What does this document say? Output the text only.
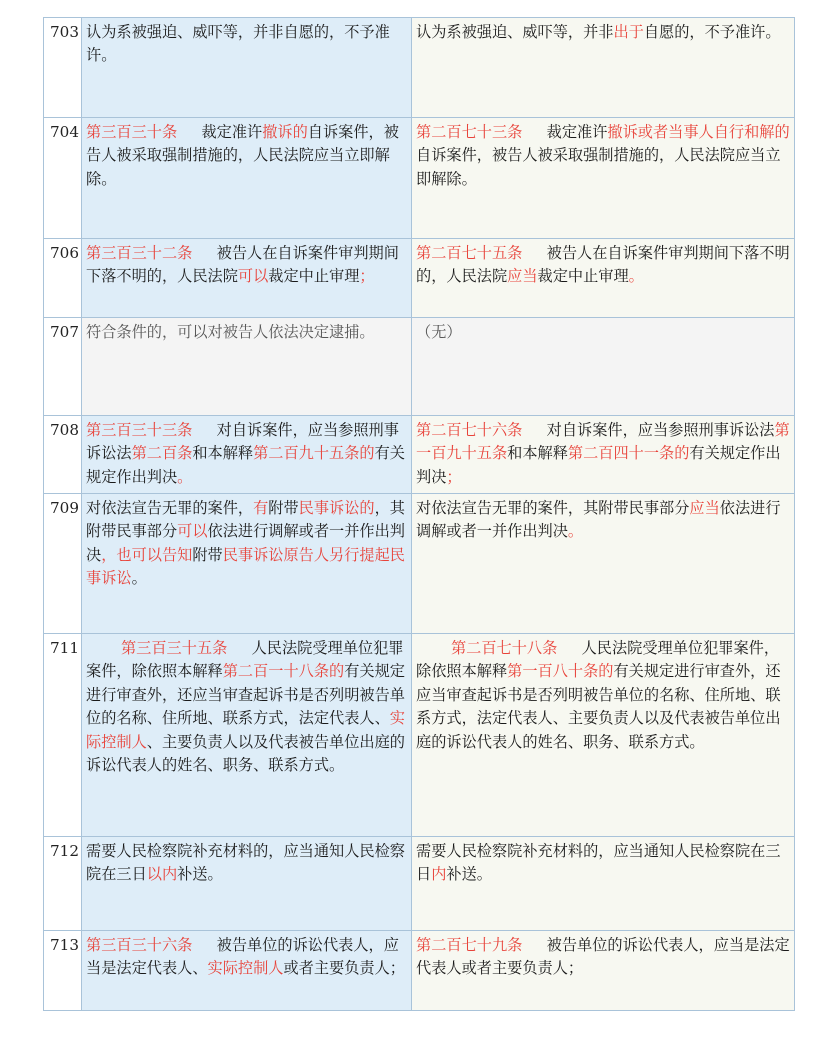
703	认为系被强迫、威吓等，并非自愿的，不予准许。	认为系被强迫、威吓等，并非出于自愿的，不予准许。
704	第三百三十条 裁定准许撤诉的自诉案件，被告人被采取强制措施的，人民法院应当立即解除。	第二百七十三条 裁定准许撤诉或者当事人自行和解的自诉案件，被告人被采取强制措施的，人民法院应当立即解除。
706	第三百三十二条 被告人在自诉案件审判期间下落不明的，人民法院可以裁定中止审理；	第二百七十五条 被告人在自诉案件审判期间下落不明的，人民法院应当裁定中止审理。
707	符合条件的，可以对被告人依法决定逮捕。	（无）
708	第三百三十三条 对自诉案件，应当参照刑事诉讼法第二百条和本解释第二百九十五条的有关规定作出判决。	第二百七十六条 对自诉案件，应当参照刑事诉讼法第一百九十五条和本解释第二百四十一条的有关规定作出判决；
709	对依法宣告无罪的案件，有附带民事诉讼的，其附带民事部分可以依法进行调解或者一并作出判决，也可以告知附带民事诉讼原告人另行提起民事诉讼。	对依法宣告无罪的案件，其附带民事部分应当依法进行调解或者一并作出判决。
711	第三百三十五条 人民法院受理单位犯罪案件，除依照本解释第二百一十八条的有关规定进行审查外，还应当审查起诉书是否列明被告单位的名称、住所地、联系方式，法定代表人、实际控制人、主要负责人以及代表被告单位出庭的诉讼代表人的姓名、职务、联系方式。	第二百七十八条 人民法院受理单位犯罪案件，除依照本解释第一百八十条的有关规定进行审查外，还应当审查起诉书是否列明被告单位的名称、住所地、联系方式，法定代表人、主要负责人以及代表被告单位出庭的诉讼代表人的姓名、职务、联系方式。
712	需要人民检察院补充材料的，应当通知人民检察院在三日以内补送。	需要人民检察院补充材料的，应当通知人民检察院在三日内补送。
713	第三百三十六条 被告单位的诉讼代表人，应当是法定代表人、实际控制人或者主要负责人；	第二百七十九条 被告单位的诉讼代表人，应当是法定代表人或者主要负责人；
